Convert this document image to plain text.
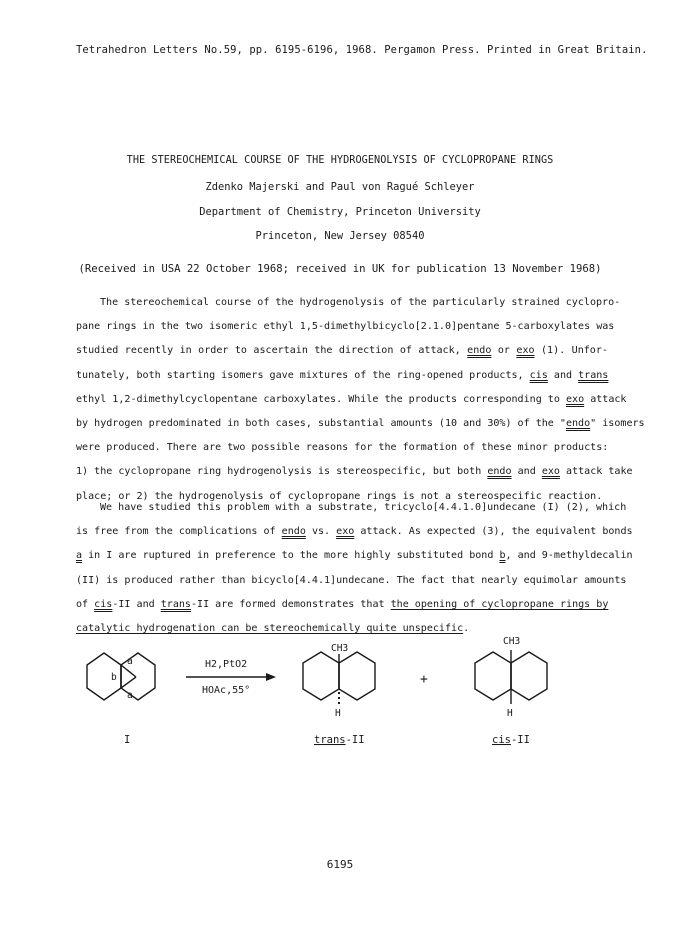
Tetrahedron Letters No.59, pp. 6195-6196, 1968. Pergamon Press. Printed in Great Britain.
THE STEREOCHEMICAL COURSE OF THE HYDROGENOLYSIS OF CYCLOPROPANE RINGS
Zdenko Majerski and Paul von Ragué Schleyer
Department of Chemistry, Princeton University
Princeton, New Jersey 08540
(Received in USA 22 October 1968; received in UK for publication 13 November 1968)
The stereochemical course of the hydrogenolysis of the particularly strained cyclopro-
pane rings in the two isomeric ethyl 1,5-dimethylbicyclo[2.1.0]pentane 5-carboxylates was
studied recently in order to ascertain the direction of attack, endo or exo (1). Unfor-
tunately, both starting isomers gave mixtures of the ring-opened products, cis and trans
ethyl 1,2-dimethylcyclopentane carboxylates. While the products corresponding to exo attack
by hydrogen predominated in both cases, substantial amounts (10 and 30%) of the "endo" isomers
were produced. There are two possible reasons for the formation of these minor products:
1) the cyclopropane ring hydrogenolysis is stereospecific, but both endo and exo attack take
place; or 2) the hydrogenolysis of cyclopropane rings is not a stereospecific reaction.
We have studied this problem with a substrate, tricyclo[4.4.1.0]undecane (I) (2), which
is free from the complications of endo vs. exo attack. As expected (3), the equivalent bonds
a in I are ruptured in preference to the more highly substituted bond b, and 9-methyldecalin
(II) is produced rather than bicyclo[4.4.1]undecane. The fact that nearly equimolar amounts
of cis-II and trans-II are formed demonstrates that the opening of cyclopropane rings by
catalytic hydrogenation can be stereochemically quite unspecific.
a
a
b
I
H2,PtO2
HOAc,55°
CH3
H
trans-II
+
CH3
H
cis-II
6195
